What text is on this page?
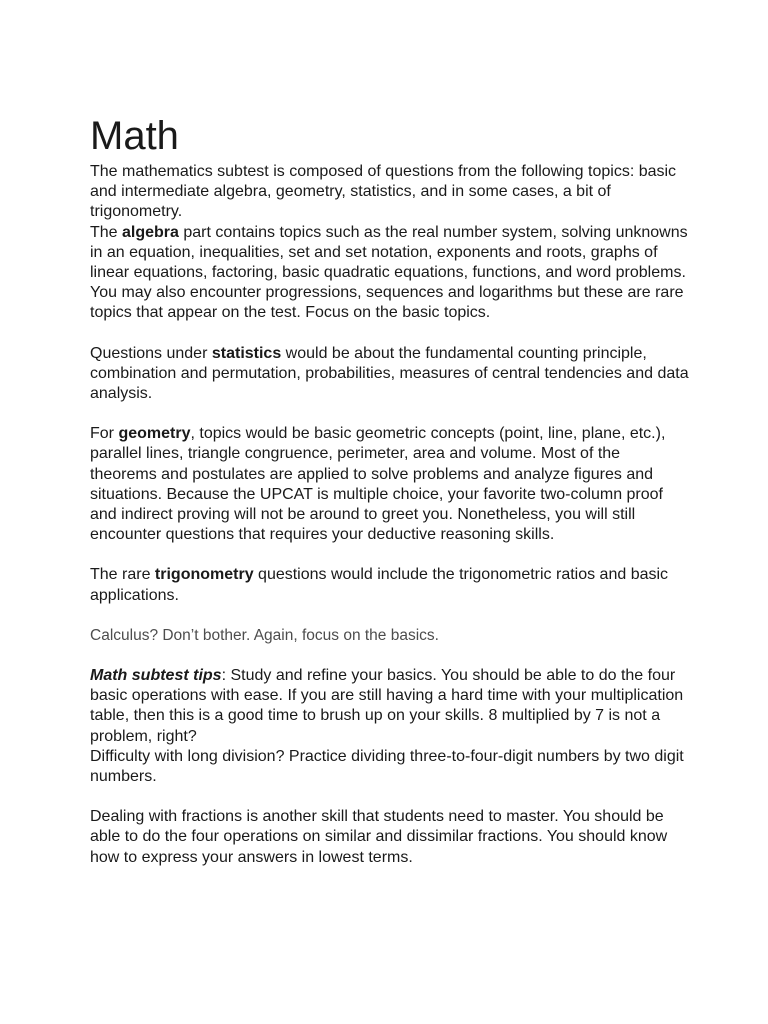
Math

The mathematics subtest is composed of questions from the following topics: basic and intermediate algebra, geometry, statistics, and in some cases, a bit of trigonometry.

The algebra part contains topics such as the real number system, solving unknowns in an equation, inequalities, set and set notation, exponents and roots, graphs of linear equations, factoring, basic quadratic equations, functions, and word problems. You may also encounter progressions, sequences and logarithms but these are rare topics that appear on the test. Focus on the basic topics.

Questions under statistics would be about the fundamental counting principle, combination and permutation, probabilities, measures of central tendencies and data analysis.

For geometry, topics would be basic geometric concepts (point, line, plane, etc.), parallel lines, triangle congruence, perimeter, area and volume. Most of the theorems and postulates are applied to solve problems and analyze figures and situations. Because the UPCAT is multiple choice, your favorite two-column proof and indirect proving will not be around to greet you. Nonetheless, you will still encounter questions that requires your deductive reasoning skills.

The rare trigonometry questions would include the trigonometric ratios and basic applications.

Calculus? Don’t bother. Again, focus on the basics.

Math subtest tips: Study and refine your basics. You should be able to do the four basic operations with ease. If you are still having a hard time with your multiplication table, then this is a good time to brush up on your skills. 8 multiplied by 7 is not a problem, right?

Difficulty with long division? Practice dividing three-to-four-digit numbers by two digit numbers.

Dealing with fractions is another skill that students need to master. You should be able to do the four operations on similar and dissimilar fractions. You should know how to express your answers in lowest terms.
